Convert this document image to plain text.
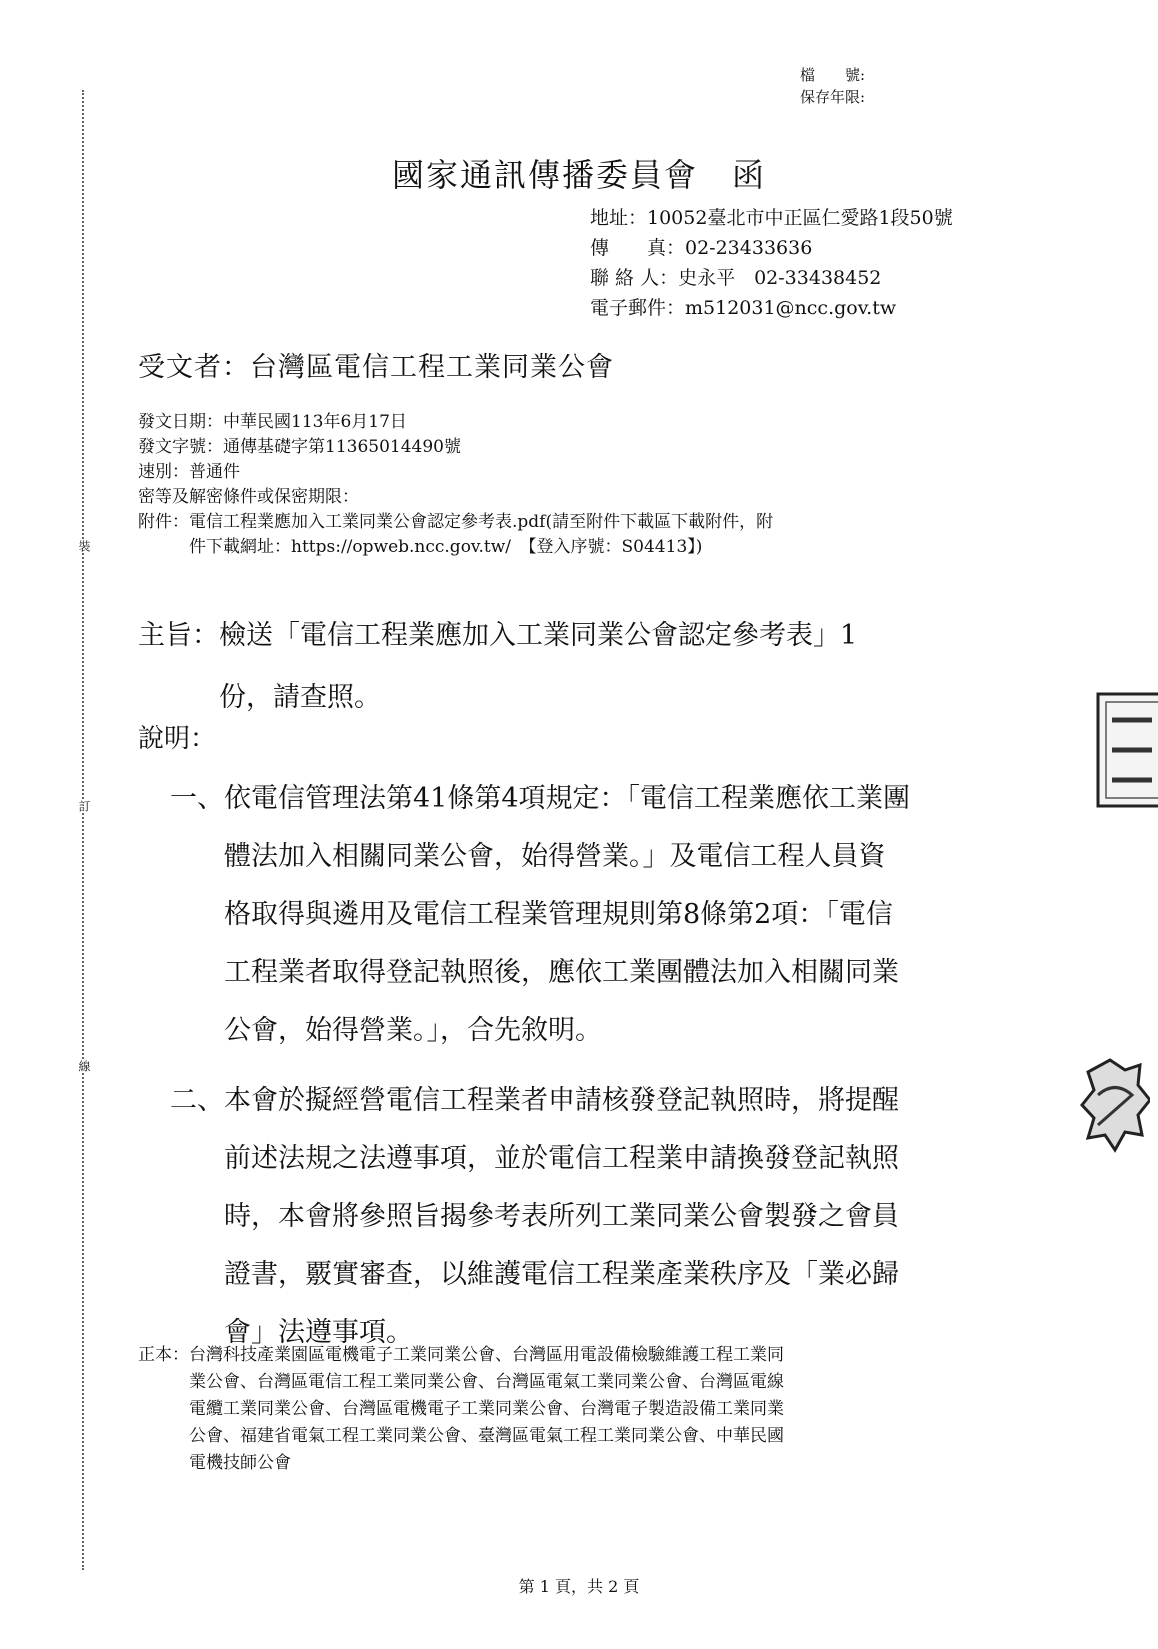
裝
訂
線
檔　　號:
保存年限:
國家通訊傳播委員會　函
地址：10052臺北市中正區仁愛路1段50號
傳　　真：02-23433636
聯 絡 人：史永平　02-33438452
電子郵件：m512031@ncc.gov.tw
受文者：台灣區電信工程工業同業公會
發文日期：中華民國113年6月17日
發文字號：通傳基礎字第11365014490號
速別：普通件
密等及解密條件或保密期限：
附件：電信工程業應加入工業同業公會認定參考表.pdf(請至附件下載區下載附件，附
　　　件下載網址：https://opweb.ncc.gov.tw/　【登入序號：S04413】)
主旨：檢送「電信工程業應加入工業同業公會認定參考表」1
　　　份，請查照。
說明：
一、 依電信管理法第41條第4項規定：「電信工程業應依工業團
體法加入相關同業公會，始得營業。」及電信工程人員資
格取得與遴用及電信工程業管理規則第8條第2項：「電信
工程業者取得登記執照後，應依工業團體法加入相關同業
公會，始得營業。」，合先敘明。
二、 本會於擬經營電信工程業者申請核發登記執照時，將提醒
前述法規之法遵事項，並於電信工程業申請換發登記執照
時，本會將參照旨揭參考表所列工業同業公會製發之會員
證書，覈實審查，以維護電信工程業產業秩序及「業必歸
會」法遵事項。
正本：台灣科技產業園區電機電子工業同業公會、台灣區用電設備檢驗維護工程工業同
　　　業公會、台灣區電信工程工業同業公會、台灣區電氣工業同業公會、台灣區電線
　　　電纜工業同業公會、台灣區電機電子工業同業公會、台灣電子製造設備工業同業
　　　公會、福建省電氣工程工業同業公會、臺灣區電氣工程工業同業公會、中華民國
　　　電機技師公會
第 1 頁，共 2 頁
